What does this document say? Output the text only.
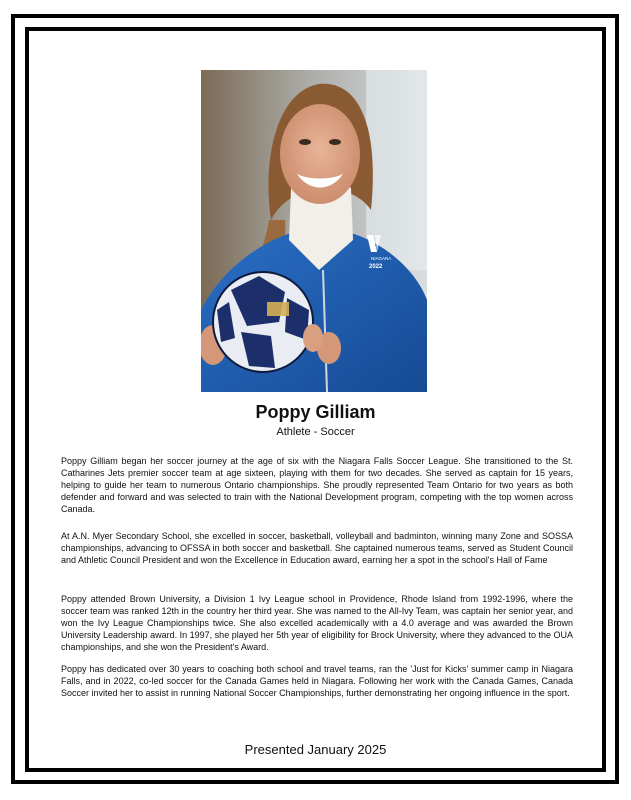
NIAGARA
2022
Poppy Gilliam
Athlete - Soccer

Poppy Gilliam began her soccer journey at the age of six with the Niagara Falls Soccer League. She transitioned to the St. Catharines Jets premier soccer team at age sixteen, playing with them for two decades. She served as captain for 15 years, helping to guide her team to numerous Ontario championships. She proudly represented Team Ontario for two years as both defender and forward and was selected to train with the National Development program, competing with the top women across Canada.

At A.N. Myer Secondary School, she excelled in soccer, basketball, volleyball and badminton, winning many Zone and SOSSA championships, advancing to OFSSA in both soccer and basketball. She captained numerous teams, served as Student Council and Athletic Council President and won the Excellence in Education award, earning her a spot in the school's Hall of Fame

Poppy attended Brown University, a Division 1 Ivy League school in Providence, Rhode Island from 1992-1996, where the soccer team was ranked 12th in the country her third year. She was named to the All-Ivy Team, was captain her senior year, and won the Ivy League Championships twice. She also excelled academically with a 4.0 average and was awarded the Brown University Leadership award. In 1997, she played her 5th year of eligibility for Brock University, where they advanced to the OUA championships, and she won the President's Award.

Poppy has dedicated over 30 years to coaching both school and travel teams, ran the 'Just for Kicks' summer camp in Niagara Falls, and in 2022, co-led soccer for the Canada Games held in Niagara. Following her work with the Canada Games, Canada Soccer invited her to assist in running National Soccer Championships, further demonstrating her ongoing influence in the sport.

Presented January 2025
